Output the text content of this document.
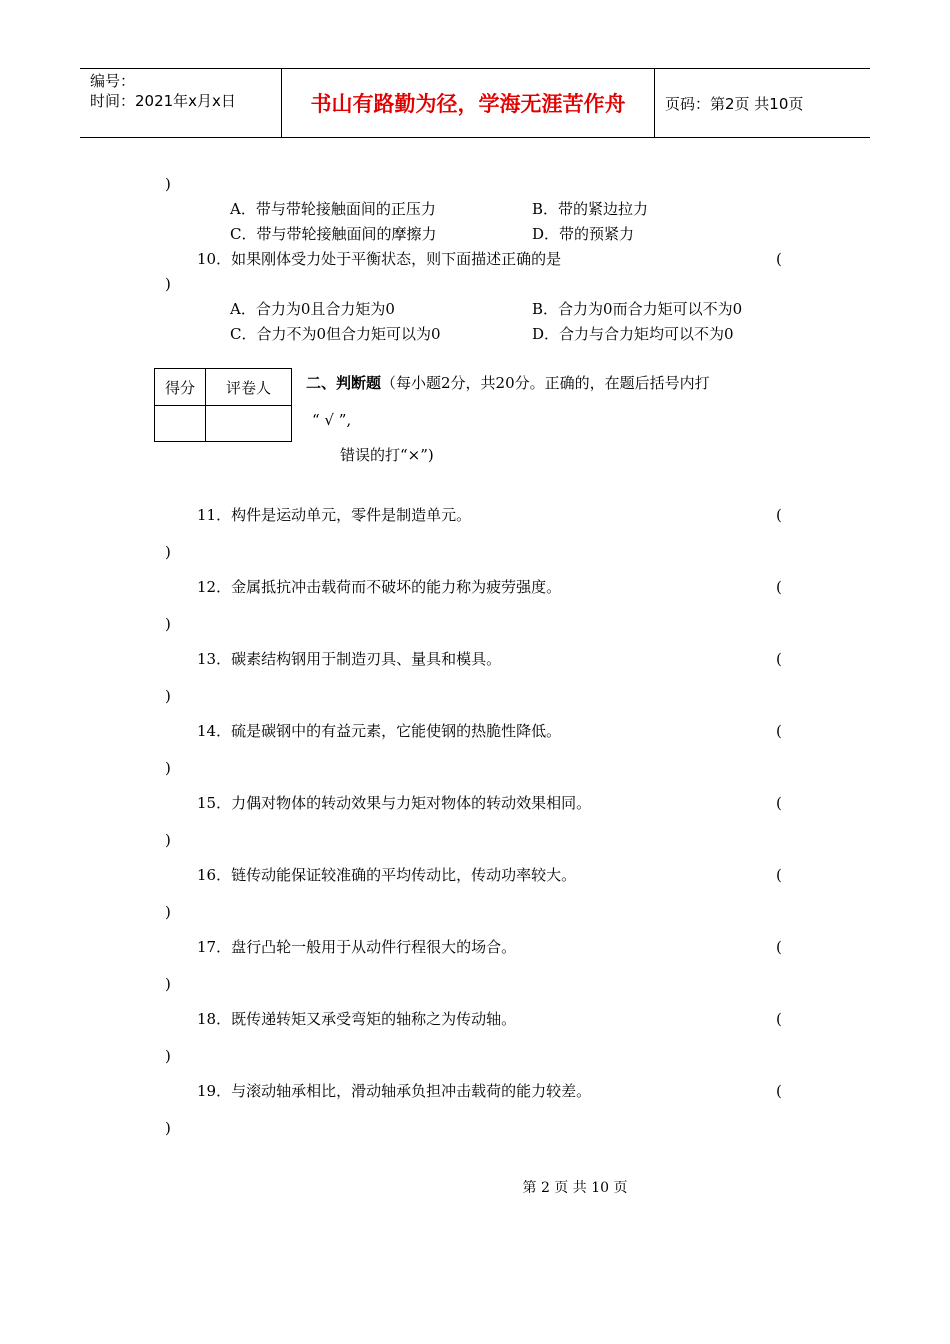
编号：
时间：2021年x月x日	书山有路勤为径，学海无涯苦作舟	页码：第2页 共10页
)
A．带与带轮接触面间的正压力	B．带的紧边拉力
C．带与带轮接触面间的摩擦力	D．带的预紧力
10．如果刚体受力处于平衡状态，则下面描述正确的是	(
)
A．合力为0且合力矩为0	B．合力为0而合力矩可以不为0
C．合力不为0但合力矩可以为0	D．合力与合力矩均可以不为0
得分	评卷人
	二、判断题（每小题2分，共20分。正确的，在题后括号内打
“ √ ”,
错误的打“×”)
11．构件是运动单元，零件是制造单元。	(
)
12．金属抵抗冲击载荷而不破坏的能力称为疲劳强度。	(
)
13．碳素结构钢用于制造刃具、量具和模具。	(
)
14．硫是碳钢中的有益元素，它能使钢的热脆性降低。	(
)
15．力偶对物体的转动效果与力矩对物体的转动效果相同。	(
)
16．链传动能保证较准确的平均传动比，传动功率较大。	(
)
17．盘行凸轮一般用于从动件行程很大的场合。	(
)
18．既传递转矩又承受弯矩的轴称之为传动轴。	(
)
19．与滚动轴承相比，滑动轴承负担冲击载荷的能力较差。	(
)
第 2 页 共 10 页
